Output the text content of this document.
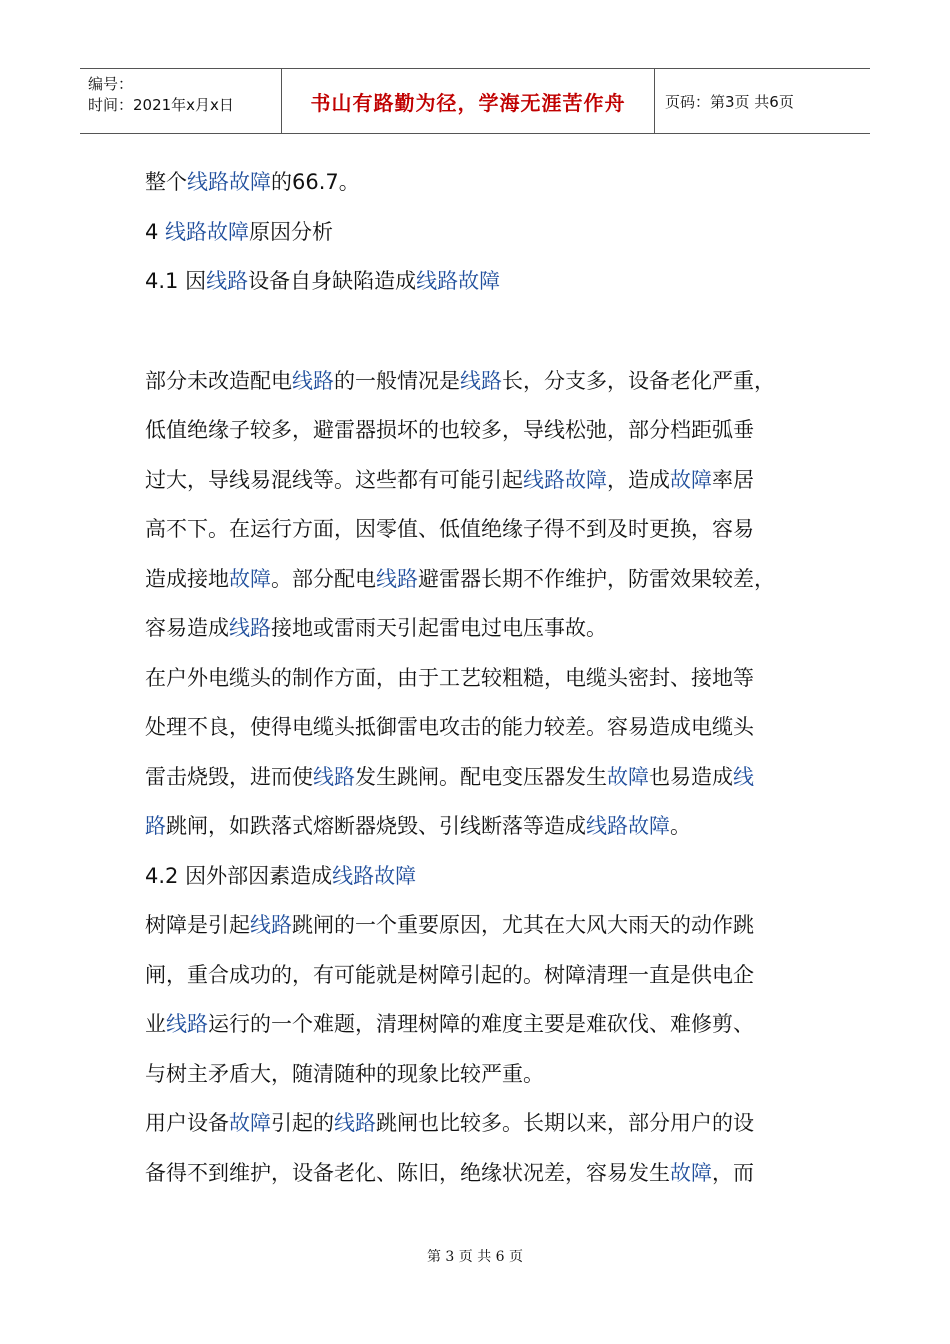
编号：
时间：2021年x月x日	书山有路勤为径，学海无涯苦作舟	页码：第3页 共6页

整个线路故障的66.7。

4 线路故障原因分析

4.1 因线路设备自身缺陷造成线路故障

部分未改造配电线路的一般情况是线路长，分支多，设备老化严重，

低值绝缘子较多，避雷器损坏的也较多，导线松弛，部分档距弧垂

过大，导线易混线等。这些都有可能引起线路故障，造成故障率居

高不下。在运行方面，因零值、低值绝缘子得不到及时更换，容易

造成接地故障。部分配电线路避雷器长期不作维护，防雷效果较差，

容易造成线路接地或雷雨天引起雷电过电压事故。

在户外电缆头的制作方面，由于工艺较粗糙，电缆头密封、接地等

处理不良，使得电缆头抵御雷电攻击的能力较差。容易造成电缆头

雷击烧毁，进而使线路发生跳闸。配电变压器发生故障也易造成线

路跳闸，如跌落式熔断器烧毁、引线断落等造成线路故障。

4.2 因外部因素造成线路故障

树障是引起线路跳闸的一个重要原因，尤其在大风大雨天的动作跳

闸，重合成功的，有可能就是树障引起的。树障清理一直是供电企

业线路运行的一个难题，清理树障的难度主要是难砍伐、难修剪、

与树主矛盾大，随清随种的现象比较严重。

用户设备故障引起的线路跳闸也比较多。长期以来，部分用户的设

备得不到维护，设备老化、陈旧，绝缘状况差，容易发生故障，而

第 3 页 共 6 页
